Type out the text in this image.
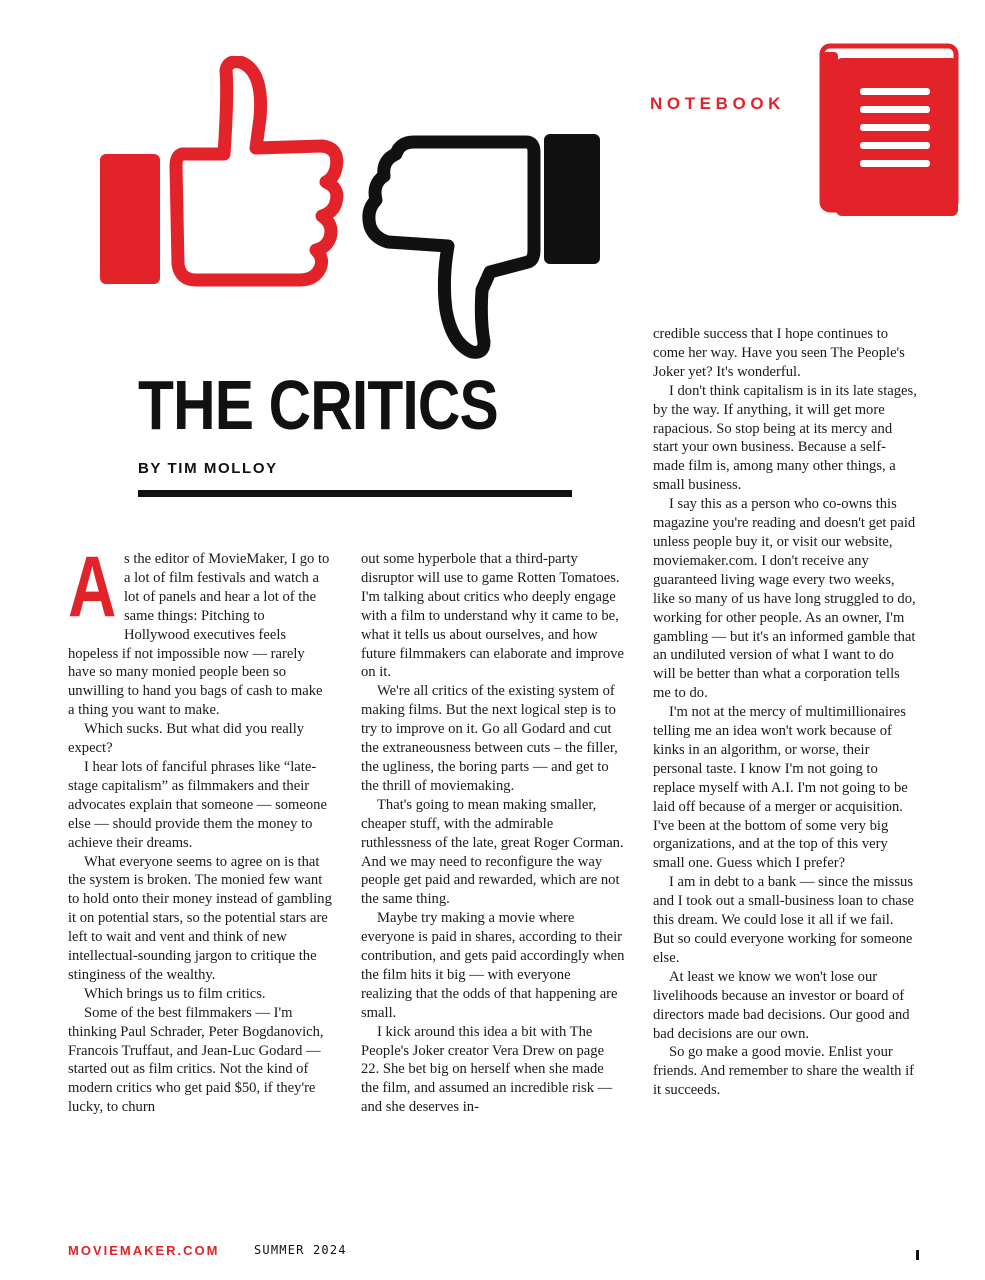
NOTEBOOK
THE CRITICS
BY TIM MOLLOY

As the editor of MovieMaker, I go to a lot of film festivals and watch a lot of panels and hear a lot of the same things: Pitching to Hollywood executives feels hopeless if not impossible now — rarely have so many monied people been so unwilling to hand you bags of cash to make a thing you want to make.

Which sucks. But what did you really expect?

I hear lots of fanciful phrases like “late-stage capitalism” as filmmakers and their advocates explain that someone — someone else — should provide them the money to achieve their dreams.

What everyone seems to agree on is that the system is broken. The monied few want to hold onto their money instead of gambling it on potential stars, so the potential stars are left to wait and vent and think of new intellectual-sounding jargon to critique the stinginess of the wealthy.

Which brings us to film critics.

Some of the best filmmakers — I'm thinking Paul Schrader, Peter Bogdanovich, Francois Truffaut, and Jean-Luc Godard — started out as film critics. Not the kind of modern critics who get paid $50, if they're lucky, to churn

out some hyperbole that a third-party disruptor will use to game Rotten Tomatoes. I'm talking about critics who deeply engage with a film to understand why it came to be, what it tells us about ourselves, and how future filmmakers can elaborate and improve on it.

We're all critics of the existing system of making films. But the next logical step is to try to improve on it. Go all Godard and cut the extraneousness between cuts – the filler, the ugliness, the boring parts — and get to the thrill of moviemaking.

That's going to mean making smaller, cheaper stuff, with the admirable ruthlessness of the late, great Roger Corman. And we may need to reconfigure the way people get paid and rewarded, which are not the same thing.

Maybe try making a movie where everyone is paid in shares, according to their contribution, and gets paid accordingly when the film hits it big — with everyone realizing that the odds of that happening are small.

I kick around this idea a bit with The People's Joker creator Vera Drew on page 22. She bet big on herself when she made the film, and assumed an incredible risk — and she deserves in-

credible success that I hope continues to come her way. Have you seen The People's Joker yet? It's wonderful.

I don't think capitalism is in its late stages, by the way. If anything, it will get more rapacious. So stop being at its mercy and start your own business. Because a self-made film is, among many other things, a small business.

I say this as a person who co-owns this magazine you're reading and doesn't get paid unless people buy it, or visit our website, moviemaker.com. I don't receive any guaranteed living wage every two weeks, like so many of us have long struggled to do, working for other people. As an owner, I'm gambling — but it's an informed gamble that an undiluted version of what I want to do will be better than what a corporation tells me to do.

I'm not at the mercy of multimillionaires telling me an idea won't work because of kinks in an algorithm, or worse, their personal taste. I know I'm not going to replace myself with A.I. I'm not going to be laid off because of a merger or acquisition. I've been at the bottom of some very big organizations, and at the top of this very small one. Guess which I prefer?

I am in debt to a bank — since the missus and I took out a small-business loan to chase this dream. We could lose it all if we fail. But so could everyone working for someone else.

At least we know we won't lose our livelihoods because an investor or board of directors made bad decisions. Our good and bad decisions are our own.

So go make a good movie. Enlist your friends. And remember to share the wealth if it succeeds.

MOVIEMAKER.COM	SUMMER 2024
